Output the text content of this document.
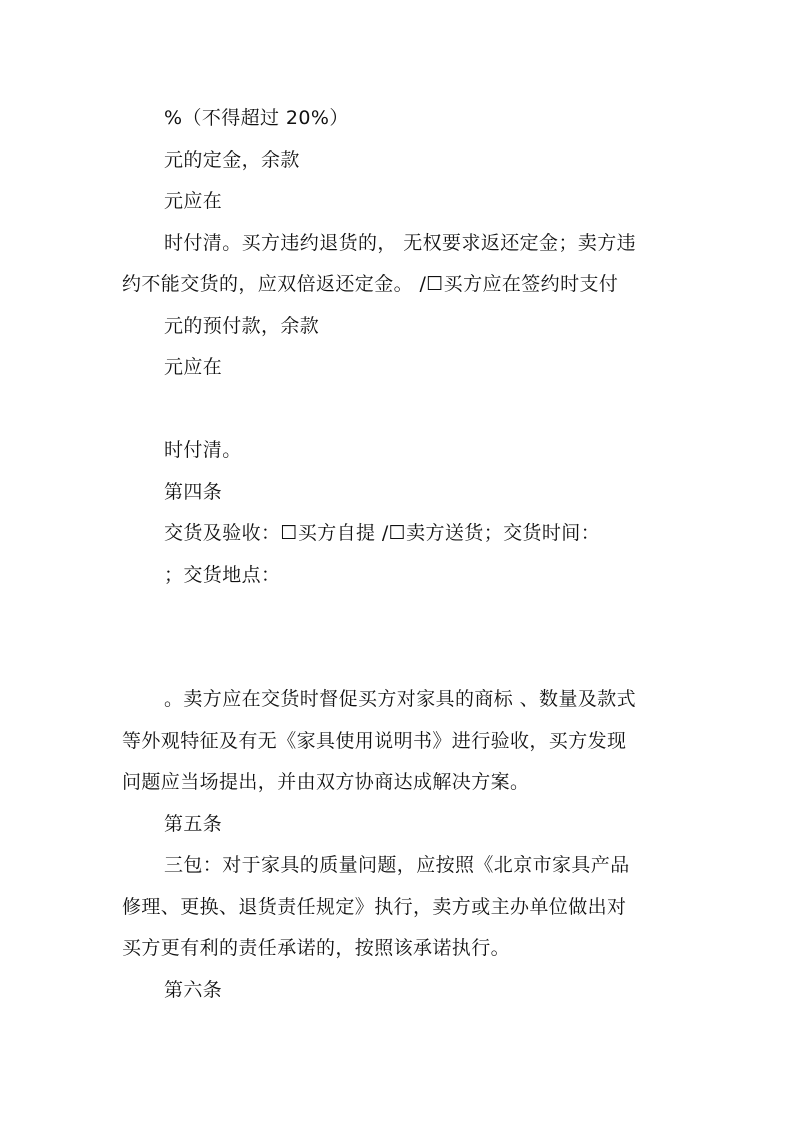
%（不得超过 20%）
元的定金，余款
元应在
时付清。买方违约退货的， 无权要求返还定金；卖方违
约不能交货的，应双倍返还定金。 /☐买方应在签约时支付
元的预付款，余款
元应在
时付清。
第四条
交货及验收：☐买方自提 /☐卖方送货；交货时间：
；交货地点：
。卖方应在交货时督促买方对家具的商标 、数量及款式
等外观特征及有无《家具使用说明书》进行验收，买方发现
问题应当场提出，并由双方协商达成解决方案。
第五条
三包：对于家具的质量问题，应按照《北京市家具产品
修理、更换、退货责任规定》执行，卖方或主办单位做出对
买方更有利的责任承诺的，按照该承诺执行。
第六条
